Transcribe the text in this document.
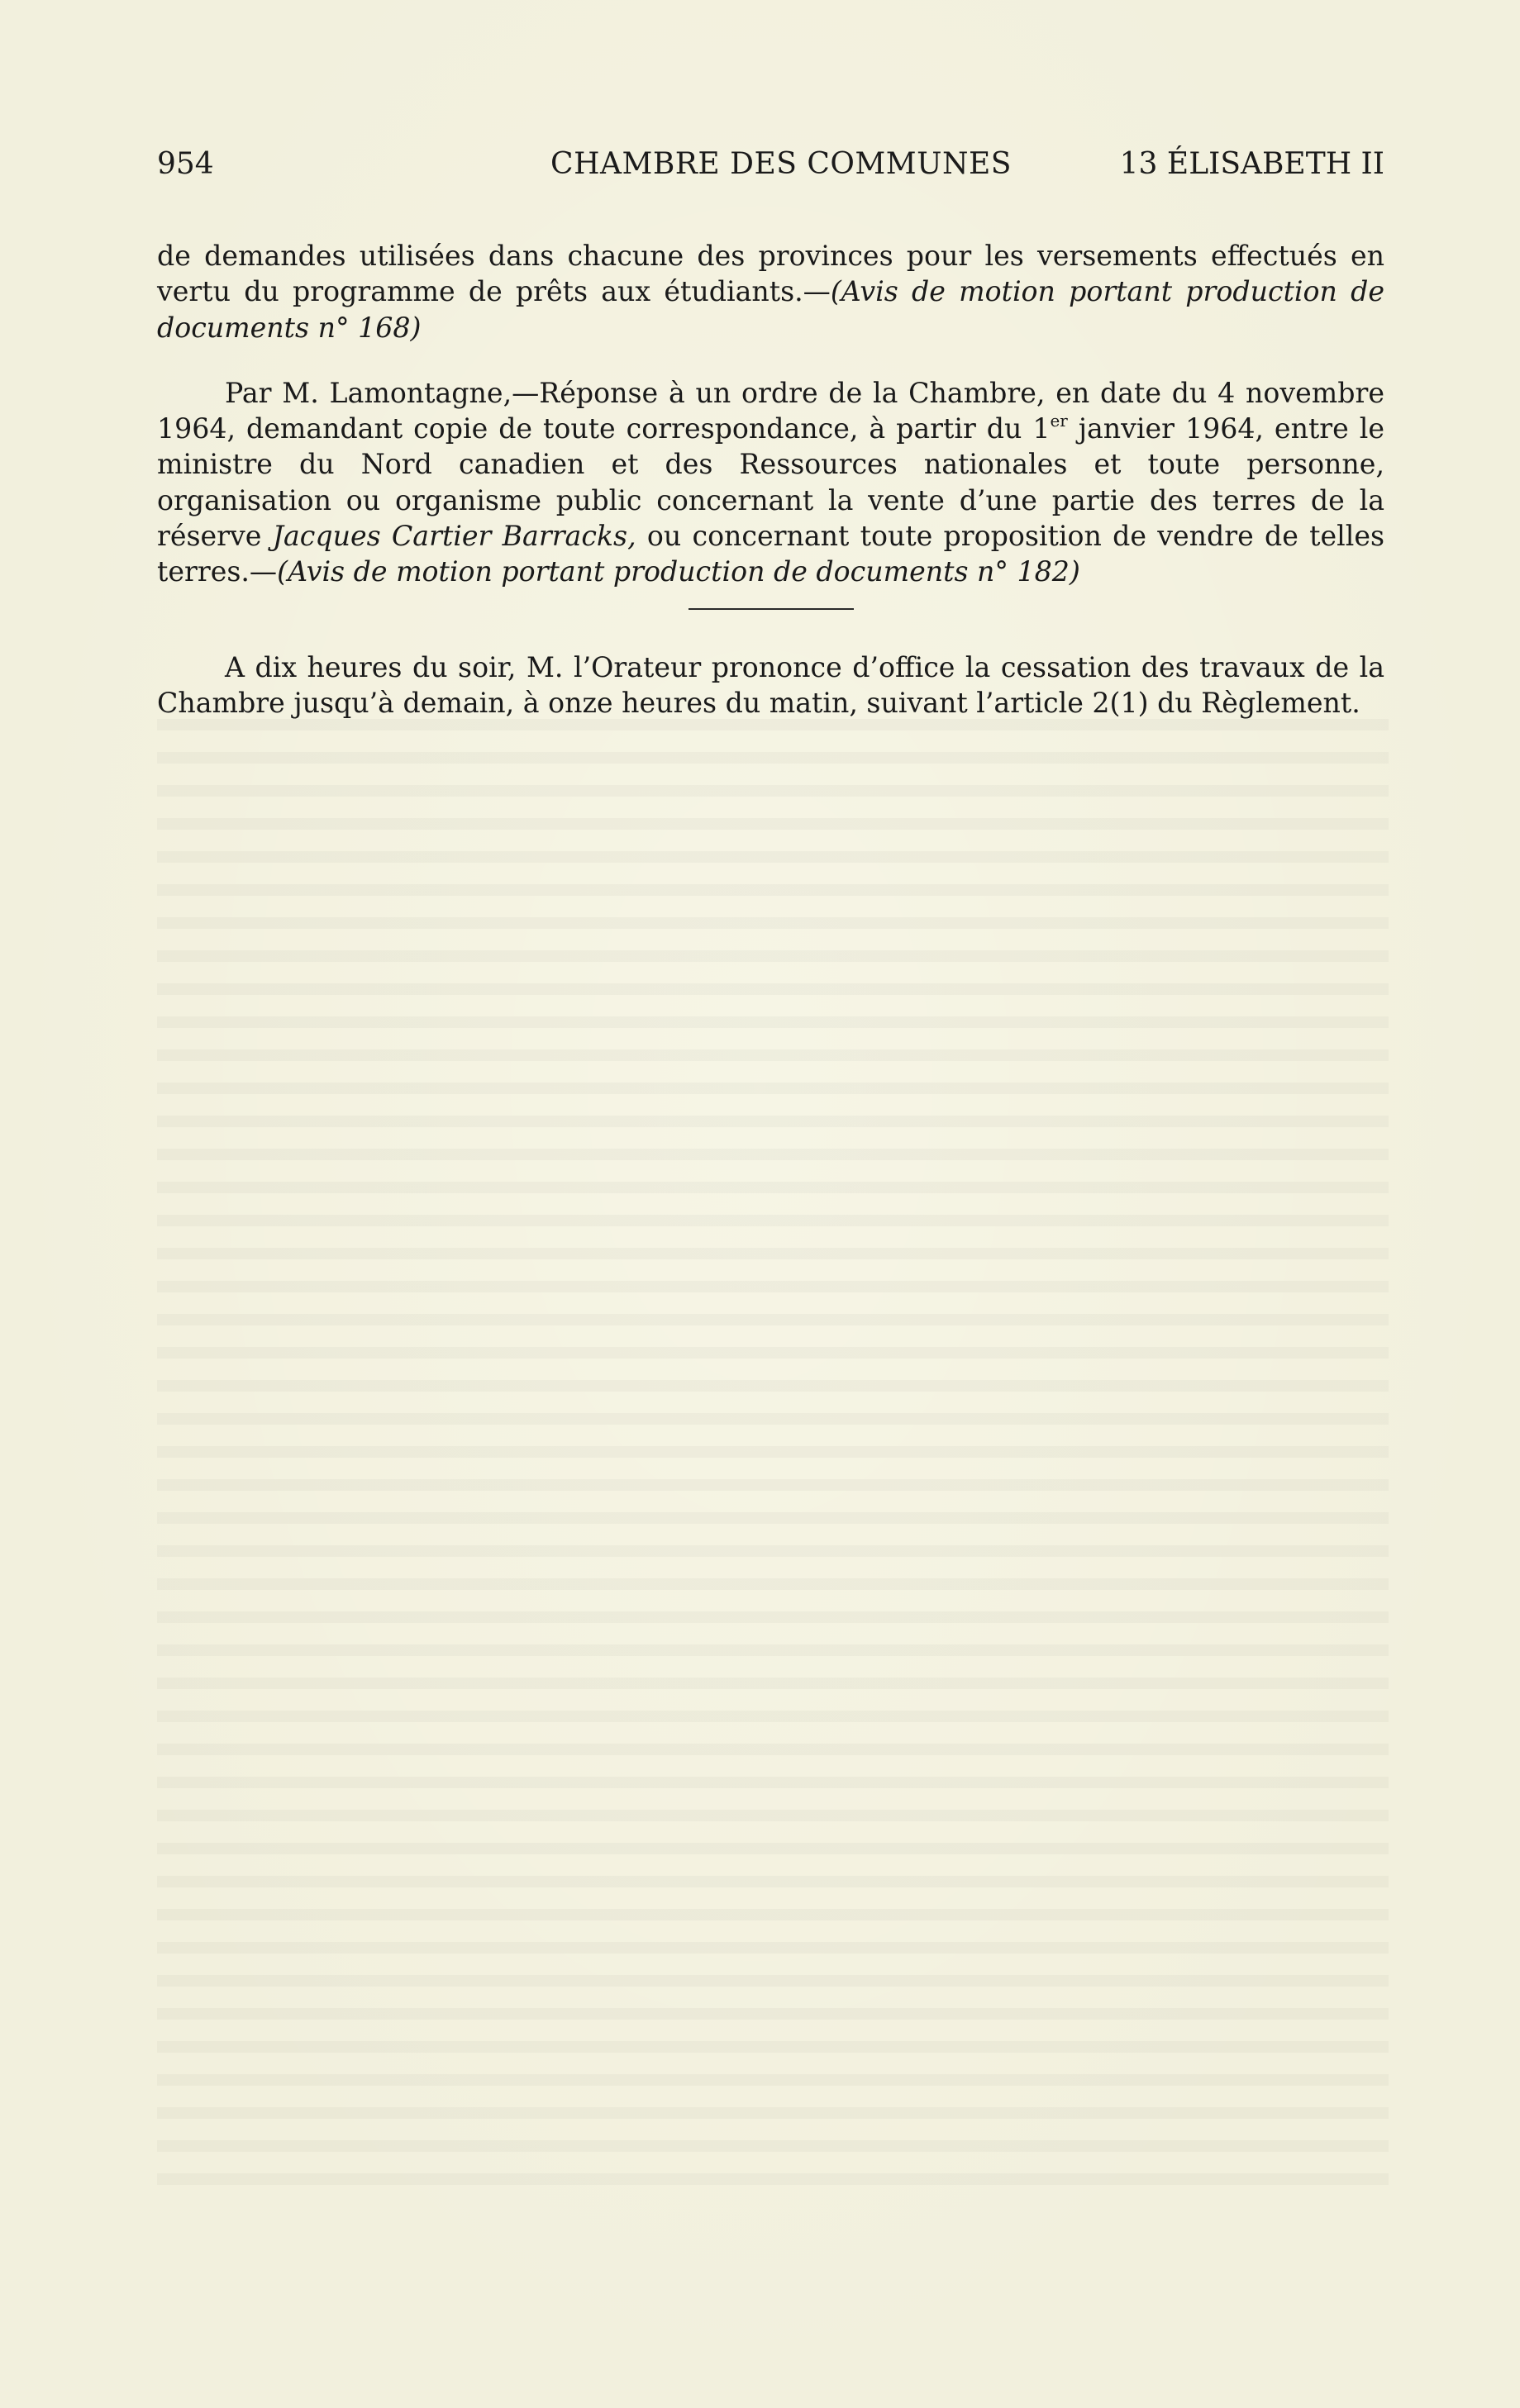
954	CHAMBRE DES COMMUNES	13 ÉLISABETH II

de demandes utilisées dans chacune des provinces pour les versements effectués en vertu du programme de prêts aux étudiants.—(Avis de motion portant production de documents n° 168)

Par M. Lamontagne,—Réponse à un ordre de la Chambre, en date du 4 novembre 1964, demandant copie de toute correspondance, à partir du 1er janvier 1964, entre le ministre du Nord canadien et des Ressources nationales et toute personne, organisation ou organisme public concernant la vente d’une partie des terres de la réserve Jacques Cartier Barracks, ou concernant toute proposition de vendre de telles terres.—(Avis de motion portant production de documents n° 182)

A dix heures du soir, M. l’Orateur prononce d’office la cessation des travaux de la Chambre jusqu’à demain, à onze heures du matin, suivant l’article 2(1) du Règlement.
